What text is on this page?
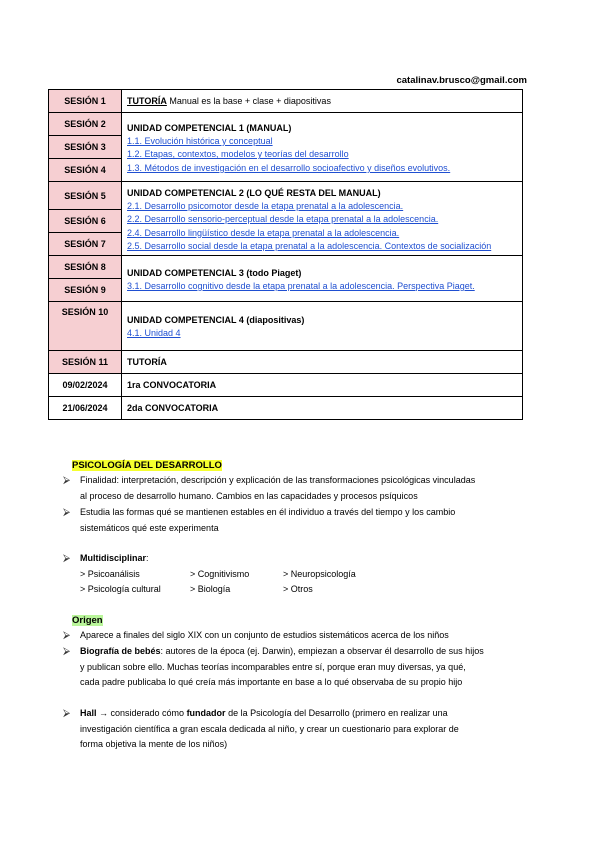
catalinav.brusco@gmail.com
SESIÓN 1	TUTORÍA Manual es la base + clase + diapositivas
SESIÓN 2	UNIDAD COMPETENCIAL 1 (MANUAL)
1.1. Evolución histórica y conceptual
1.2. Etapas, contextos, modelos y teorías del desarrollo
1.3. Métodos de investigación en el desarrollo socioafectivo y diseños evolutivos.

SESIÓN 3	
SESIÓN 4	
SESIÓN 5	UNIDAD COMPETENCIAL 2 (LO QUÉ RESTA DEL MANUAL)
2.1. Desarrollo psicomotor desde la etapa prenatal a la adolescencia.
2.2. Desarrollo sensorio-perceptual desde la etapa prenatal a la adolescencia.
2.4. Desarrollo lingüístico desde la etapa prenatal a la adolescencia.
2.5. Desarrollo social desde la etapa prenatal a la adolescencia. Contextos de socialización

SESIÓN 6	
SESIÓN 7	
SESIÓN 8	UNIDAD COMPETENCIAL 3 (todo Piaget)
3.1. Desarrollo cognitivo desde la etapa prenatal a la adolescencia. Perspectiva Piaget.

SESIÓN 9	
SESIÓN 10	UNIDAD COMPETENCIAL 4 (diapositivas)
4.1. Unidad 4

SESIÓN 11	TUTORÍA
09/02/2024	1ra CONVOCATORIA
21/06/2024	2da CONVOCATORIA
PSICOLOGÍA DEL DESARROLLO
⮚ Finalidad: interpretación, descripción y explicación de las transformaciones psicológicas vinculadas
al proceso de desarrollo humano. Cambios en las capacidades y procesos psíquicos
⮚ Estudia las formas qué se mantienen estables en él individuo a través del tiempo y los cambio
sistemáticos qué este experimenta
⮚ Multidisciplinar:
> Psicoanálisis	> Cognitivismo	> Neuropsicología
> Psicología cultural	> Biología	> Otros
Origen
⮚ Aparece a finales del siglo XIX con un conjunto de estudios sistemáticos acerca de los niños
⮚ Biografía de bebés: autores de la época (ej. Darwin), empiezan a observar él desarrollo de sus hijos
y publican sobre ello. Muchas teorías incomparables entre sí, porque eran muy diversas, ya qué,
cada padre publicaba lo qué creía más importante en base a lo qué observaba de su propio hijo
⮚ Hall → considerado cómo fundador de la Psicología del Desarrollo (primero en realizar una
investigación científica a gran escala dedicada al niño, y crear un cuestionario para explorar de
forma objetiva la mente de los niños)
